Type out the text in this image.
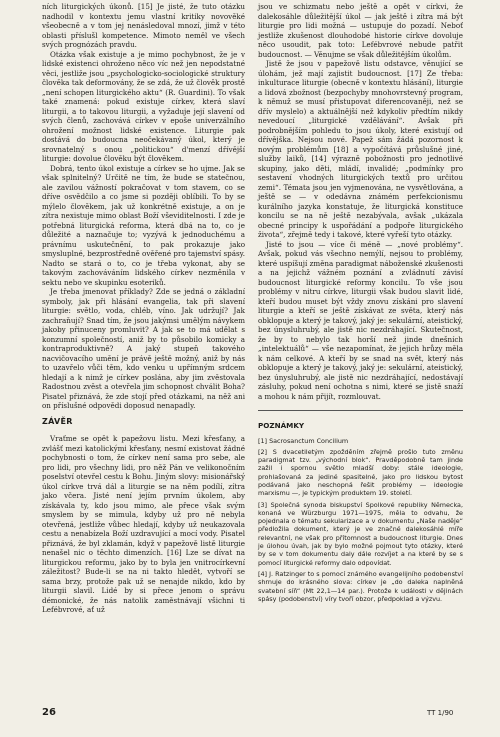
ních liturgických úkonů. [15] Je jisté, že tuto otázku nadhodil v kontextu jemu vlastní kritiky novověké všeobecně a v tom jej nenásledoval mnozí, jimž v této oblasti příslušl kompetence. Mimoto neměl ve všech svých prognózách pravdu.

Otázka však existuje a je mimo pochybnost, že je v lidské existenci ohroženo něco víc než jen nepodstatné věci, jestliže jsou „psychologicko-sociologické struktury člověka tak deformovány, že se zdá, že už člověk prostě „není schopen liturgického aktu“ (R. Guardini). To však také znamená: pokud existuje církev, která slaví liturgii, a to takovou liturgii, a vyžaduje její slavení od svých členů, zachovává církev v epoše univerzálního ohrožení možnost lidské existence. Liturgie pak dostává do budoucna neočekávaný úkol, který je srovnatelný s onou „politickou“ d'menzí dřívější liturgie: dovolue člověku být člověkem.

Dobrá, tento úkol existuje a církev se ho ujme. Jak se však splnitelný? Určitě ne tím, že bude se statečnou, ale zavilou vážností pokračovat v tom stavem, co se dříve osvědčilo a co jsme si později oblíbili. To by se mýlelo člověkem, jak už konkrétně existuje, a on je zítra nexistuje mimo oblast Boží vševiditelnosti. I zde je potřebná liturgická reforma, která dbá na to, co je důležité a naznačuje to; vyzývá k jednoduchému a právnímu uskutečnění, to pak prokazuje jako smysluplné, bezprostředně ověřené pro tajemství spásy. Nadto se stará o to, co je třeba vykonat, aby se takovým zachováváním lidského církev nezměnila v sektu nebo ve skupinku esoteriků.

Je třeba jmenovat příklady? Zde se jedná o základní symboly, jak při hlásání evangelia, tak při slavení liturgie: světlo, voda, chléb, víno. Jak udržují? Jak zachraňují? Snad tím, že jsou jakýmsi umělým návykem jakoby přinuceny promluvit? A jak se to má udělat s konzumní společností, aniž by to působilo komicky a kontraproduktivně? A jaký stupeň takového nacvičovacího umění je právě ještě možný, aniž by nás to uzavřelo vůči těm, kdo venku u upřímným srdcem hledají a k nimž je církev poslána, aby jim zvěstovala Radostnou zvěst a otevřela jim schopnost chválit Boha? Pisatel přiznává, že zde stojí před otázkami, na něž ani on příslušné odpovědi doposud nenapadly.

ZÁVĚR

Vraťme se opět k papežovu listu. Mezi křesťany, a zvlášť mezi katolickými křesťany, nesmí existovat žádné pochybnosti o tom, že církev není sama pro sebe, ale pro lidi, pro všechny lidi, pro něž Pán ve velikonočním poselství otevřel cestu k Bohu. Jiným slovy: misionářský úkol církve trvá dál a liturgie se na něm podílí, zítra jako včera. Jisté není jejím prvním úkolem, aby získávala ty, kdo jsou mimo, ale přece však svým smyslem by se mimula, kdyby už pro ně nebyla otevřená, jestliže vůbec hledají, kdyby už neukazovala cestu a nenabízela Boží uzdravující a mocí vody. Pisatel přiznává, že byl zklamán, když v papežově listě liturgie nenašel nic o těchto dimenzích. [16] Lze se dívat na liturgickou reformu, jako by to byla jen vnitrocírkevní záležitost? Bude-li se na ni takto hledět, vytvoří se sama brzy, protože pak už se nenajde nikdo, kdo by liturgii slavil. Lidé by si přece jenom o správu démonické, že nás natolik zaměstnávají všichni ti Lefébvrové, ať už

jsou ve schizmatu nebo ještě a opět v církvi, že dalekosáhle důležitější úkol — jak ještě i zítra má být liturgie pro lidi možná — ustupuje do pozadí. Neboť jestliže zkušenost dlouhodobé historie církve dovoluje něco usoudit, pak toto: Lefébvrové nebude patřit budoucnost. — Věnujme se však důležitějším úkolům.

Jistě že jsou v papežově listu odstavce, věnující se úlohám, jež mají zajistit budoucnost. [17] Ze třeba: inkulturace liturgie (obecně v kontextu hlásání), liturgie a lidová zbožnost (bezpochyby mnohovrstevný program, k němuž se musí přistupovat diferencovaněji, než se dřív myslelo) a aktuálnější než kdykoliv předtím nikdy nevedoucí „liturgické vzdělávání“. Avšak při podrobnějším pohledu to jsou úkoly, které existují od dřívějška. Nejsou nové. Papež sám žádá pozornost k novým problémům [18] a vypočítává průslušné jiné, služby laiků, [14] výrazně pobožnosti pro jednotlivé skupiny, jako děti, mládí, invalidé; „podmínky pro sestavení vhodných liturgických textů pro určitou zemi“. Témata jsou jen vyjmenována, ne vysvětlována, a ještě se — v odedávna známém perfekcionismu kurálního jazyka konstatuje, že liturgická konstituce koncilu se na ně ještě nezabývala, avšak „ukázala obecné principy k uspořádání a podpoře liturgického života“, zřejmě tedy i takové, které vyřeší tyto otázky.

Jisté to jsou — více či méně — „nové problémy“. Avšak, pokud vás všechno nemýlí, nejsou to problémy, které uspíšují změna paradigmat náboženské zkušenosti a na jejichž vážném poznání a zvládnutí závisí budoucnost liturgické reformy koncilu. To vše jsou problémy v nitru církve, liturgii však budou slavit lidé, kteří budou muset být vždy znovu získáni pro slavení liturgie a kteří se ještě získávat ze světa, který nás obklopuje a který je takový, jaký je: sekulární, ateistický, bez únysluhrubý, ale jistě nic nezdráhající. Skutečnost, že by to nebylo tak horší než jinde dnešních „intelektuálů“ — vše nezapomínat, že jejich hrůzy měla k nám celkové. A kteří by se snad na svět, který nás obklopuje a který je takový, jaký je: sekulární, ateistický, bez únysluhrubý, ale jistě nic nezdráhající, nedostávají zásluhy, pokud není ochotna s nimi, které se jistě snaží a mohou k nám přijít, rozmlouvat.

POZNÁMKY

[1] Sacrosanctum Concilium

[2] S dvacetiletým zpožděním zřejmě prošlo tuto změnu paradigmat tzv. „východní blok“. Pravděpodobně tam jinde zažil i spornou světlo mladší doby: stále ideologie, prohlašovaná za jediné spasitelné, jako pro lidskou bytost podávaná jako neschopná řešit problémy — ideologie marxismu —, je typickým produktem 19. století.

[3] Společná synoda biskupství Spolkové republiky Německa, konaná ve Würzburgu 1971—1975, měla to odvahu, že pojednala o tématu sekularizace a v dokumentu „Naše naděje“ předložila dokument, který je ve značné dalekosáhlé míře relevantní, ne však pro přítomnost a budoucnost liturgie. Dnes je úlohou úvah, jak by bylo možné pojmout tyto otázky, které by se v tom dokumentu daly dále rozvíjet a na které by se s pomocí liturgické reformy dalo odpovídat.

[4] J. Ratzinger to s pomocí známého evangelijního podobenství shrnuje do krásného slova: církev je „do daleka naplněná svatební síň“ (Mt 22,1—14 par.). Protože k události v dějinách spásy (podobenství) víry tvoří obzor, předpoklad a výzvu.

26	TT 1/90
